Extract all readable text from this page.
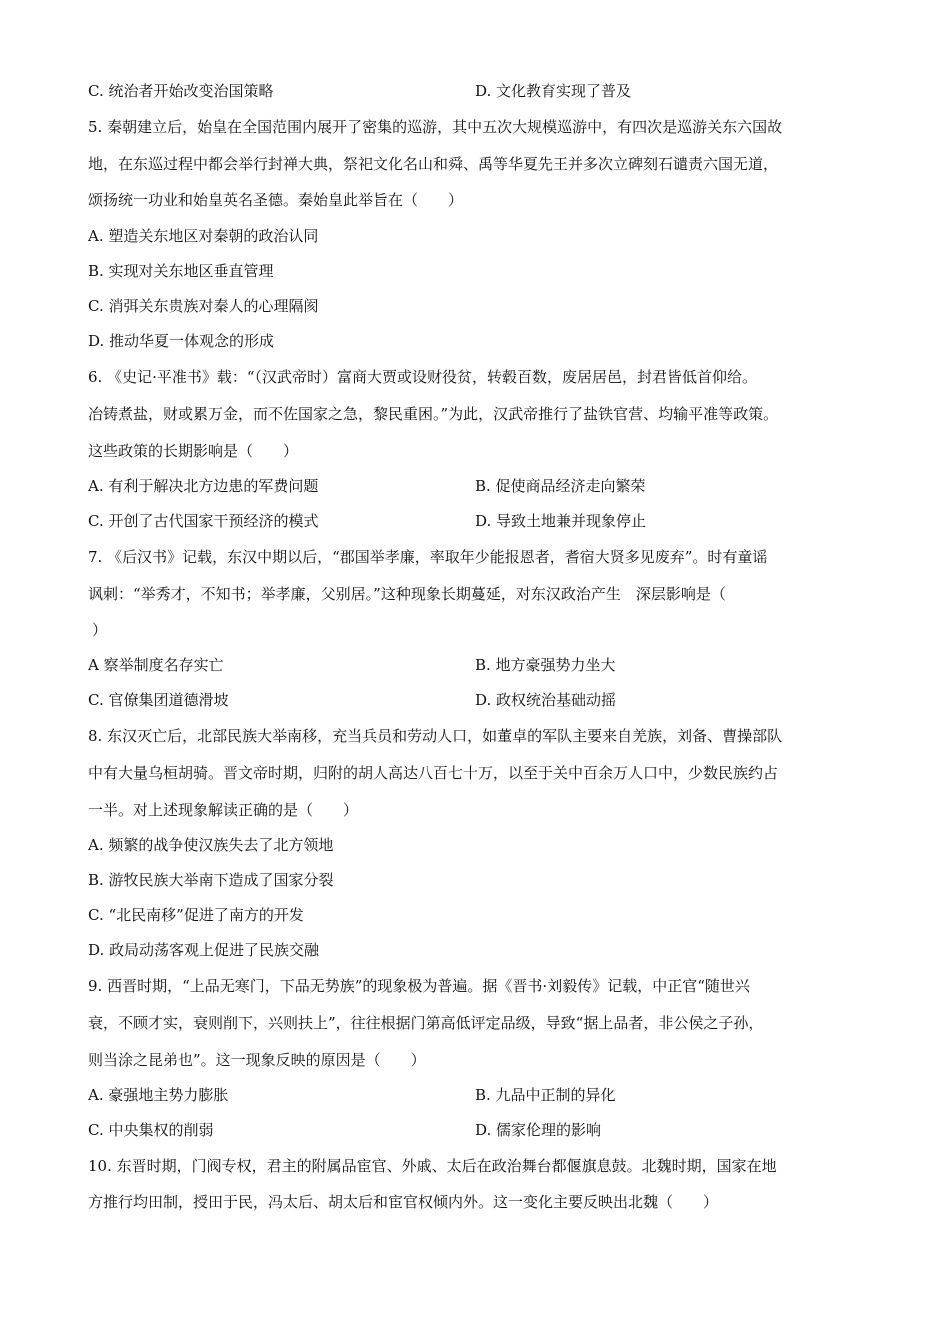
C. 统治者开始改变治国策略	D. 文化教育实现了普及
5. 秦朝建立后，始皇在全国范围内展开了密集的巡游，其中五次大规模巡游中，有四次是巡游关东六国故
地，在东巡过程中都会举行封禅大典，祭祀文化名山和舜、禹等华夏先王并多次立碑刻石谴责六国无道，
颂扬统一功业和始皇英名圣德。秦始皇此举旨在（　　）
A. 塑造关东地区对秦朝的政治认同
B. 实现对关东地区垂直管理
C. 消弭关东贵族对秦人的心理隔阂
D. 推动华夏一体观念的形成
6. 《史记·平准书》载：“（汉武帝时）富商大贾或设财役贫，转毂百数，废居居邑，封君皆低首仰给。
冶铸煮盐，财或累万金，而不佐国家之急，黎民重困。”为此，汉武帝推行了盐铁官营、均输平准等政策。
这些政策的长期影响是（　　）
A. 有利于解决北方边患的军费问题	B. 促使商品经济走向繁荣
C. 开创了古代国家干预经济的模式	D. 导致土地兼并现象停止
7. 《后汉书》记载，东汉中期以后，“郡国举孝廉，率取年少能报恩者，耆宿大贤多见废弃”。时有童谣
讽刺：“举秀才，不知书；举孝廉，父别居。”这种现象长期蔓延，对东汉政治产生　深层影响是（
）
A 察举制度名存实亡	B. 地方豪强势力坐大
C. 官僚集团道德滑坡	D. 政权统治基础动摇
8. 东汉灭亡后，北部民族大举南移，充当兵员和劳动人口，如董卓的军队主要来自羌族，刘备、曹操部队
中有大量乌桓胡骑。晋文帝时期，归附的胡人高达八百七十万，以至于关中百余万人口中，少数民族约占
一半。对上述现象解读正确的是（　　）
A. 频繁的战争使汉族失去了北方领地
B. 游牧民族大举南下造成了国家分裂
C. “北民南移”促进了南方的开发
D. 政局动荡客观上促进了民族交融
9. 西晋时期，“上品无寒门，下品无势族”的现象极为普遍。据《晋书·刘毅传》记载，中正官“随世兴
衰，不顾才实，衰则削下，兴则扶上”，往往根据门第高低评定品级，导致“据上品者，非公侯之子孙，
则当涂之昆弟也”。这一现象反映的原因是（　　）
A. 豪强地主势力膨胀	B. 九品中正制的异化
C. 中央集权的削弱	D. 儒家伦理的影响
10. 东晋时期，门阀专权，君主的附属品宦官、外戚、太后在政治舞台都偃旗息鼓。北魏时期，国家在地
方推行均田制，授田于民，冯太后、胡太后和宦官权倾内外。这一变化主要反映出北魏（　　）
